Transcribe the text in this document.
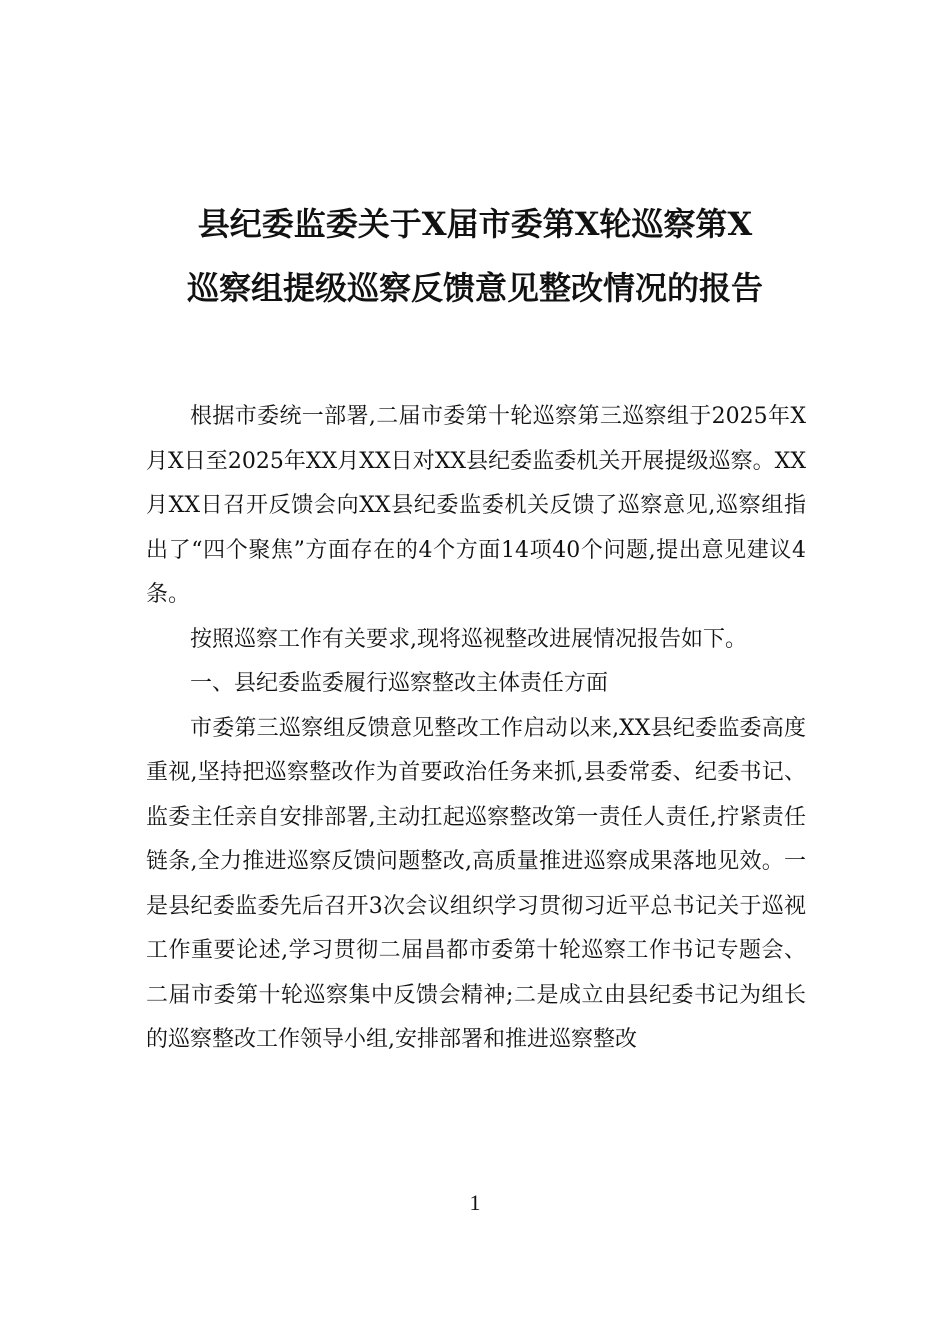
县纪委监委关于X届市委第X轮巡察第X
巡察组提级巡察反馈意见整改情况的报告

根据市委统一部署,二届市委第十轮巡察第三巡察组于2025年X月X日至2025年XX月XX日对XX县纪委监委机关开展提级巡察。XX月XX日召开反馈会向XX县纪委监委机关反馈了巡察意见,巡察组指出了“四个聚焦”方面存在的4个方面14项40个问题,提出意见建议4条。

按照巡察工作有关要求,现将巡视整改进展情况报告如下。

一、县纪委监委履行巡察整改主体责任方面

市委第三巡察组反馈意见整改工作启动以来,XX县纪委监委高度重视,坚持把巡察整改作为首要政治任务来抓,县委常委、纪委书记、监委主任亲自安排部署,主动扛起巡察整改第一责任人责任,拧紧责任链条,全力推进巡察反馈问题整改,高质量推进巡察成果落地见效。一是县纪委监委先后召开3次会议组织学习贯彻习近平总书记关于巡视工作重要论述,学习贯彻二届昌都市委第十轮巡察工作书记专题会、二届市委第十轮巡察集中反馈会精神;二是成立由县纪委书记为组长的巡察整改工作领导小组,安排部署和推进巡察整改

1
